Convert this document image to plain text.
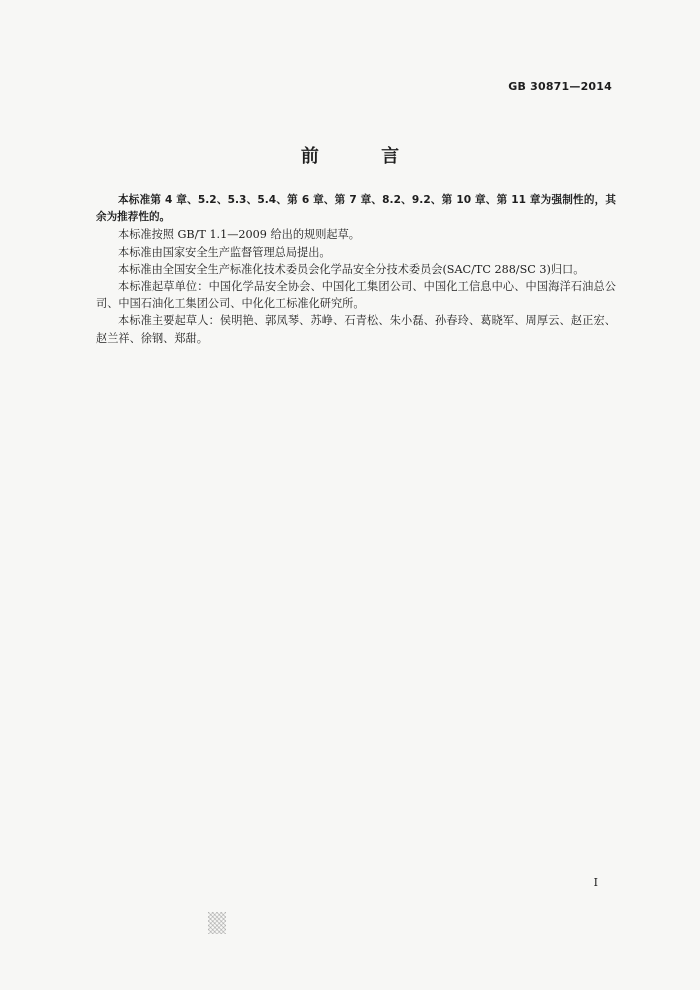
GB 30871—2014
前 言

本标准第 4 章、5.2、5.3、5.4、第 6 章、第 7 章、8.2、9.2、第 10 章、第 11 章为强制性的，其余为推荐性的。

本标准按照 GB/T 1.1—2009 给出的规则起草。

本标准由国家安全生产监督管理总局提出。

本标准由全国安全生产标准化技术委员会化学品安全分技术委员会(SAC/TC 288/SC 3)归口。

本标准起草单位：中国化学品安全协会、中国化工集团公司、中国化工信息中心、中国海洋石油总公司、中国石油化工集团公司、中化化工标准化研究所。

本标准主要起草人：侯明艳、郭凤琴、苏峥、石青松、朱小磊、孙春玲、葛晓军、周厚云、赵正宏、赵兰祥、徐钢、郑甜。

I
